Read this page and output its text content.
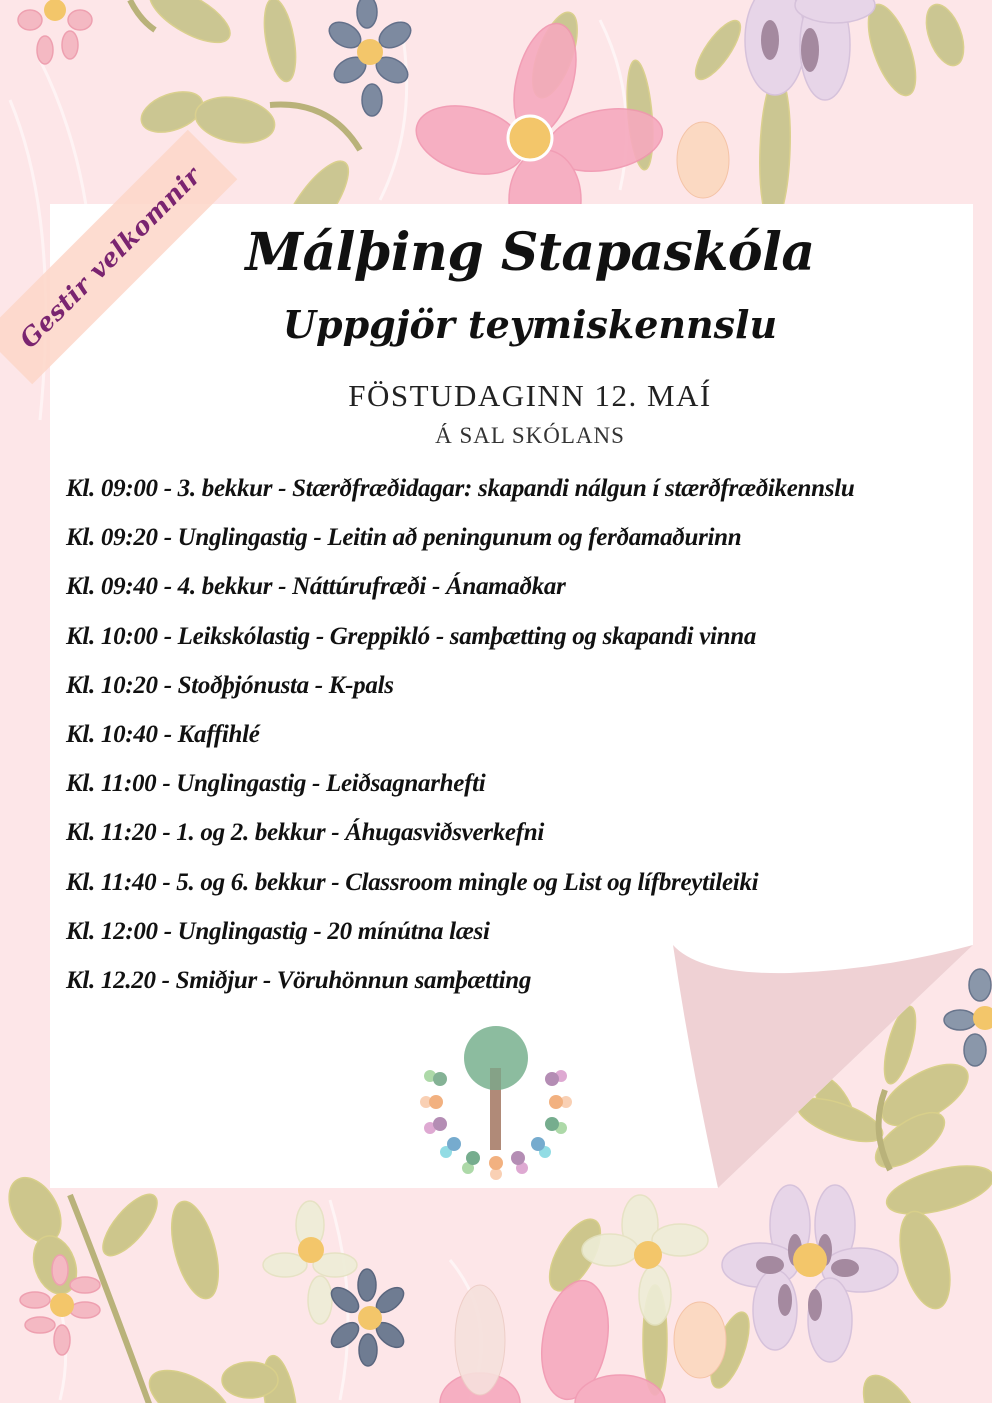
Gestir velkomnir Málþing Stapaskóla
Uppgjör teymiskennslu
FÖSTUDAGINN 12. MAÍ
Á SAL SKÓLANS
Kl. 09:00 - 3. bekkur - Stærðfræðidagar: skapandi nálgun í stærðfræðikennslu
Kl. 09:20 - Unglingastig - Leitin að peningunum og ferðamaðurinn
Kl. 09:40 - 4. bekkur - Náttúrufræði - Ánamaðkar
Kl. 10:00 - Leikskólastig - Greppikló - samþætting og skapandi vinna
Kl. 10:20 - Stoðþjónusta - K-pals
Kl. 10:40 - Kaffihlé
Kl. 11:00 - Unglingastig - Leiðsagnarhefti
Kl. 11:20 - 1. og 2. bekkur - Áhugasviðsverkefni
Kl. 11:40 - 5. og 6. bekkur - Classroom mingle og List og lífbreytileiki
Kl. 12:00 - Unglingastig - 20 mínútna læsi
Kl. 12.20 - Smiðjur - Vöruhönnun samþætting
